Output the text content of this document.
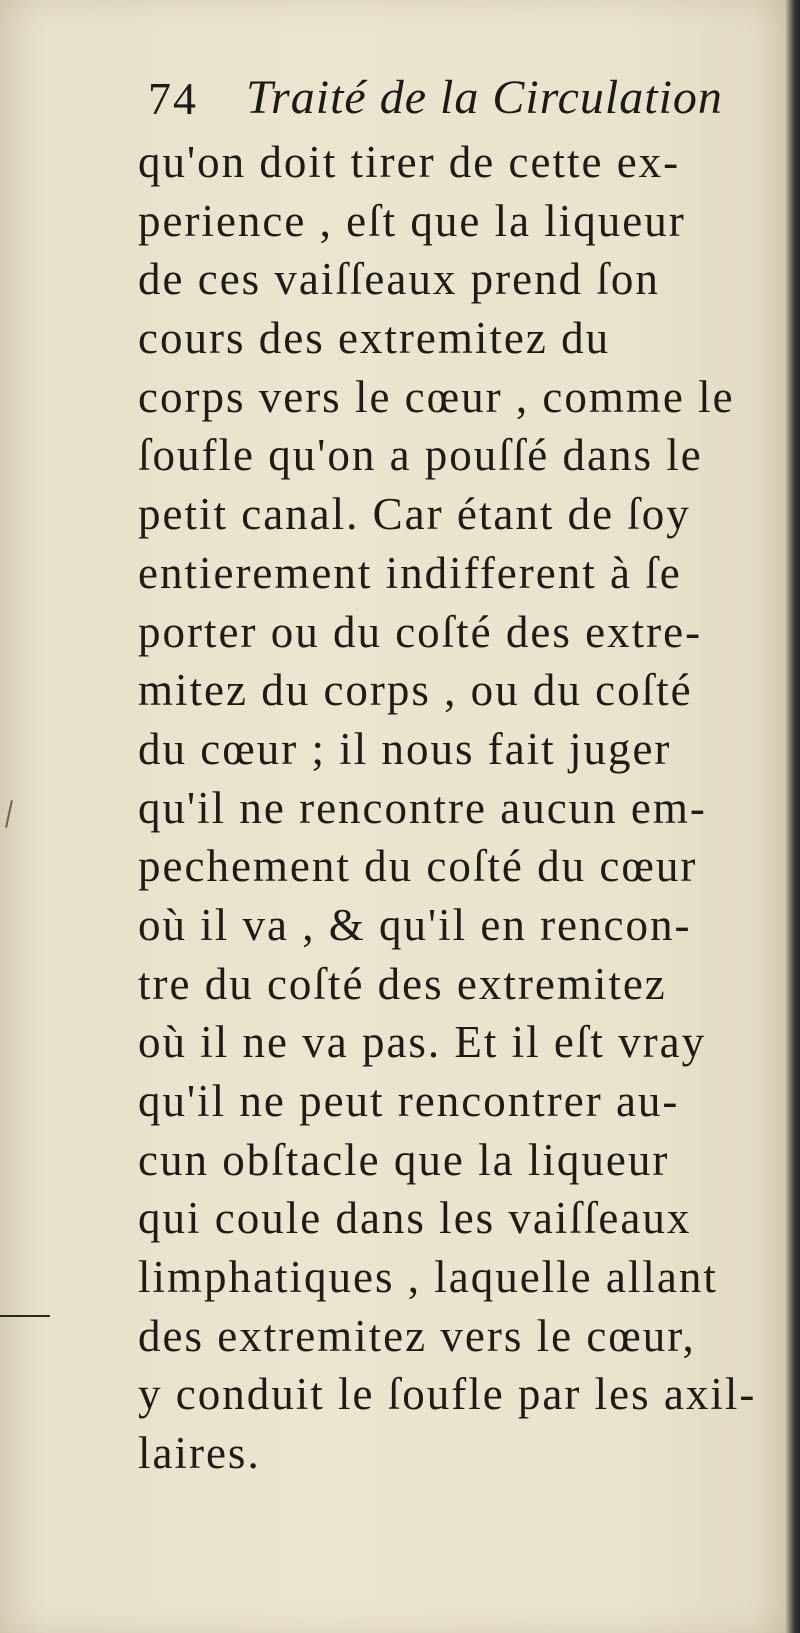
74 Traité de la Circulation
qu'on doit tirer de cette ex-
perience , eſt que la liqueur
de ces vaiſſeaux prend ſon
cours des extremitez du
corps vers le cœur , comme le
ſoufle qu'on a pouſſé dans le
petit canal. Car étant de ſoy
entierement indifferent à ſe
porter ou du coſté des extre-
mitez du corps , ou du coſté
du cœur ; il nous fait juger
qu'il ne rencontre aucun em-
pechement du coſté du cœur
où il va , & qu'il en rencon-
tre du coſté des extremitez
où il ne va pas. Et il eſt vray
qu'il ne peut rencontrer au-
cun obſtacle que la liqueur
qui coule dans les vaiſſeaux
limphatiques , laquelle allant
des extremitez vers le cœur,
y conduit le ſoufle par les axil-
laires.
